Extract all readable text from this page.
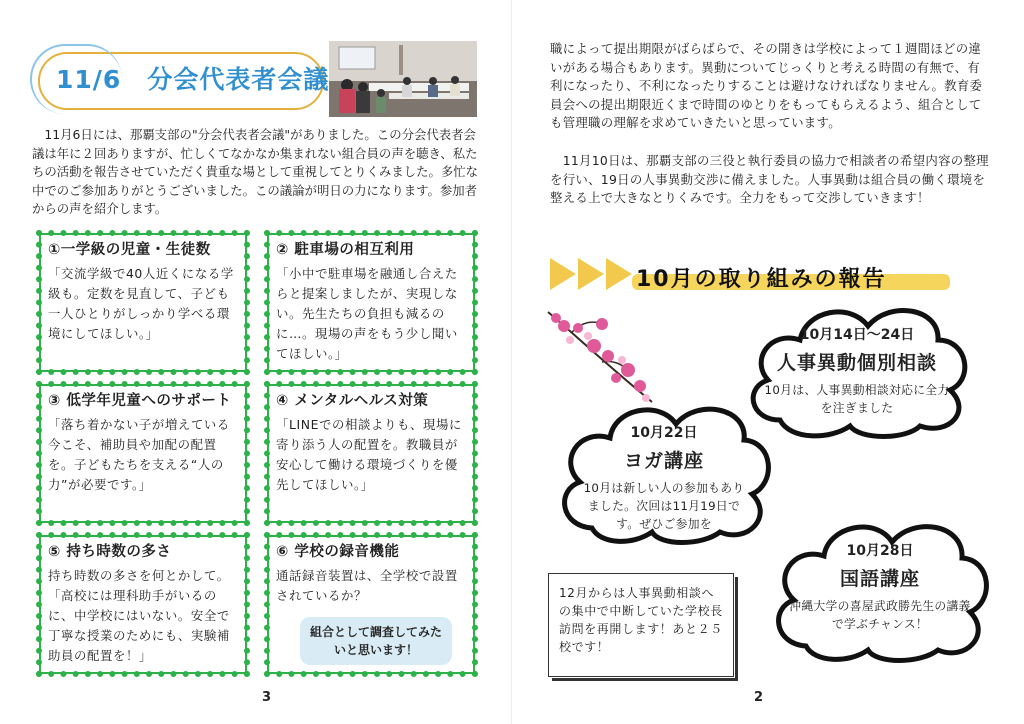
11/6　分会代表者会議
　11月6日には、那覇支部の"分会代表者会議"がありました。この分会代表者会議は年に２回ありますが、忙しくてなかなか集まれない組合員の声を聴き、私たちの活動を報告させていただく貴重な場として重視してとりくみました。多忙な中でのご参加ありがとうございました。この議論が明日の力になります。参加者からの声を紹介します。
①一学級の児童・生徒数
「交流学級で40人近くになる学級も。定数を見直して、子ども一人ひとりがしっかり学べる環境にしてほしい。」
② 駐車場の相互利用
「小中で駐車場を融通し合えたらと提案しましたが、実現しない。先生たちの負担も減るのに…。現場の声をもう少し聞いてほしい。」
③ 低学年児童へのサポート
「落ち着かない子が増えている今こそ、補助員や加配の配置を。子どもたちを支える“人の力”が必要です。」
④ メンタルヘルス対策
「LINEでの相談よりも、現場に寄り添う人の配置を。教職員が安心して働ける環境づくりを優先してほしい。」
⑤ 持ち時数の多さ
持ち時数の多さを何とかして。「高校には理科助手がいるのに、中学校にはいない。安全で丁寧な授業のためにも、実験補助員の配置を！」
⑥ 学校の録音機能
通話録音装置は、全学校で設置されているか？
組合として調査してみたいと思います！
3
職によって提出期限がばらばらで、その開きは学校によって１週間ほどの違いがある場合もあります。異動についてじっくりと考える時間の有無で、有利になったり、不利になったりすることは避けなければなりません。教育委員会への提出期限近くまで時間のゆとりをもってもらえるよう、組合としても管理職の理解を求めていきたいと思っています。
　11月10日は、那覇支部の三役と執行委員の協力で相談者の希望内容の整理を行い、19日の人事異動交渉に備えました。人事異動は組合員の働く環境を整える上で大きなとりくみです。全力をもって交渉していきます！
10月の取り組みの報告
10月14日〜24日
人事異動個別相談
10月は、人事異動相談対応に全力を注ぎました
10月22日
ヨガ講座
10月は新しい人の参加もありました。次回は11月19日です。ぜひご参加を
10月28日
国語講座
沖縄大学の喜屋武政勝先生の講義で学ぶチャンス！
12月からは人事異動相談への集中で中断していた学校長訪問を再開します！あと２５校です！
2
